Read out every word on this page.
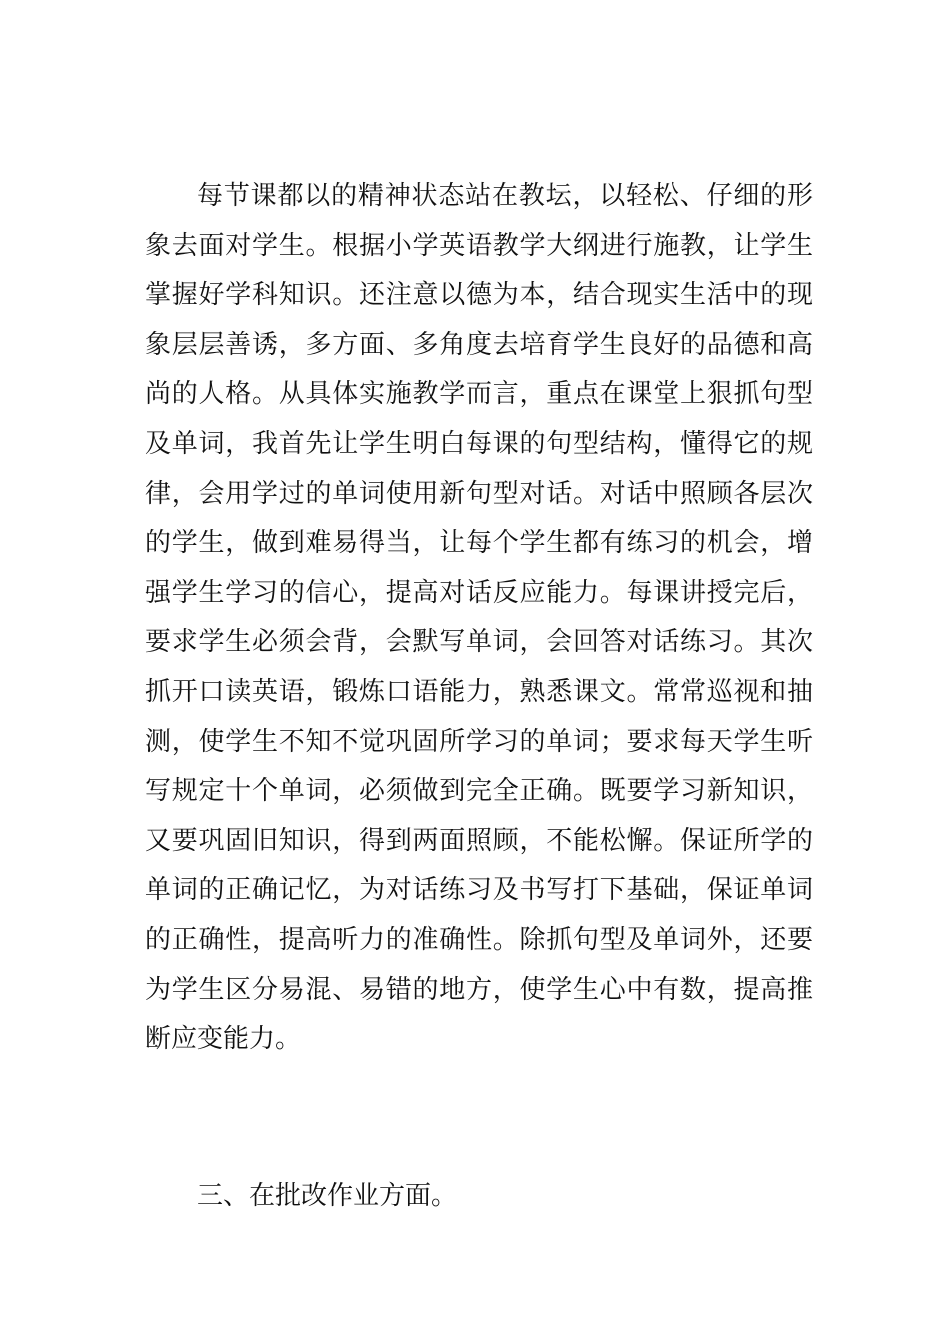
每节课都以的精神状态站在教坛，以轻松、仔细的形象去面对学生。根据小学英语教学大纲进行施教，让学生掌握好学科知识。还注意以德为本，结合现实生活中的现象层层善诱，多方面、多角度去培育学生良好的品德和高尚的人格。从具体实施教学而言，重点在课堂上狠抓句型及单词，我首先让学生明白每课的句型结构，懂得它的规律，会用学过的单词使用新句型对话。对话中照顾各层次的学生，做到难易得当，让每个学生都有练习的机会，增强学生学习的信心，提高对话反应能力。每课讲授完后，要求学生必须会背，会默写单词，会回答对话练习。其次抓开口读英语，锻炼口语能力，熟悉课文。常常巡视和抽测，使学生不知不觉巩固所学习的单词；要求每天学生听写规定十个单词，必须做到完全正确。既要学习新知识，又要巩固旧知识，得到两面照顾，不能松懈。保证所学的单词的正确记忆，为对话练习及书写打下基础，保证单词的正确性，提高听力的准确性。除抓句型及单词外，还要为学生区分易混、易错的地方，使学生心中有数，提高推断应变能力。

三、在批改作业方面。
